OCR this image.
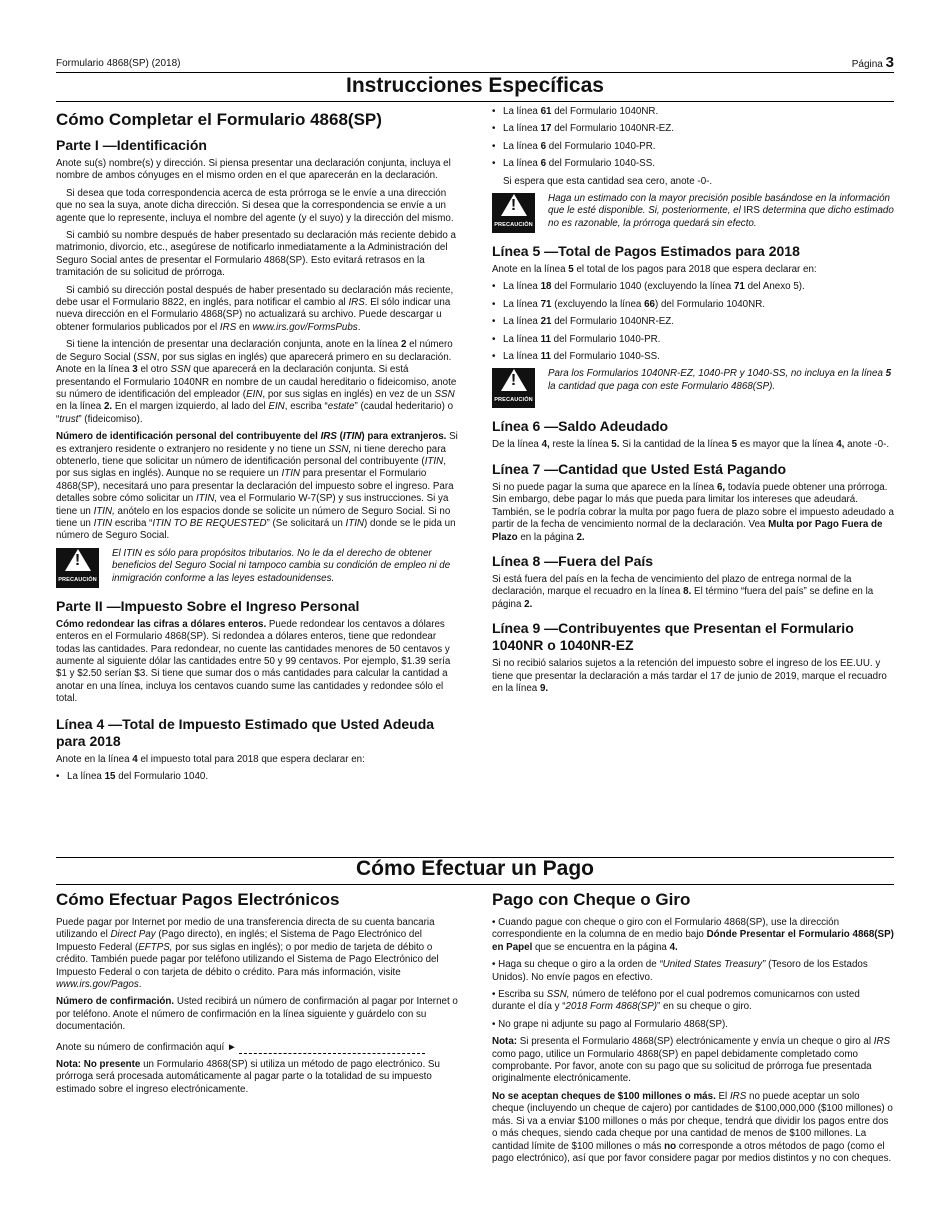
Formulario 4868(SP) (2018)	Página 3
Instrucciones Específicas
Cómo Completar el Formulario 4868(SP)
Parte I —Identificación

Anote su(s) nombre(s) y dirección. Si piensa presentar una declaración conjunta, incluya el nombre de ambos cónyuges en el mismo orden en el que aparecerán en la declaración.

Si desea que toda correspondencia acerca de esta prórroga se le envíe a una dirección que no sea la suya, anote dicha dirección. Si desea que la correspondencia se envíe a un agente que lo represente, incluya el nombre del agente (y el suyo) y la dirección del mismo.

Si cambió su nombre después de haber presentado su declaración más reciente debido a matrimonio, divorcio, etc., asegúrese de notificarlo inmediatamente a la Administración del Seguro Social antes de presentar el Formulario 4868(SP). Esto evitará retrasos en la tramitación de su solicitud de prórroga.

Si cambió su dirección postal después de haber presentado su declaración más reciente, debe usar el Formulario 8822, en inglés, para notificar el cambio al IRS. El sólo indicar una nueva dirección en el Formulario 4868(SP) no actualizará su archivo. Puede descargar u obtener formularios publicados por el IRS en www.irs.gov/FormsPubs.

Si tiene la intención de presentar una declaración conjunta, anote en la línea 2 el número de Seguro Social (SSN, por sus siglas en inglés) que aparecerá primero en su declaración. Anote en la línea 3 el otro SSN que aparecerá en la declaración conjunta. Si está presentando el Formulario 1040NR en nombre de un caudal hereditario o fideicomiso, anote su número de identificación del empleador (EIN, por sus siglas en inglés) en vez de un SSN en la línea 2. En el margen izquierdo, al lado del EIN, escriba “estate” (caudal hederitario) o “trust” (fideicomiso).

Número de identificación personal del contribuyente del IRS (ITIN) para extranjeros. Si es extranjero residente o extranjero no residente y no tiene un SSN, ni tiene derecho para obtenerlo, tiene que solicitar un número de identificación personal del contribuyente (ITIN, por sus siglas en inglés). Aunque no se requiere un ITIN para presentar el Formulario 4868(SP), necesitará uno para presentar la declaración del impuesto sobre el ingreso. Para detalles sobre cómo solicitar un ITIN, vea el Formulario W-7(SP) y sus instrucciones. Si ya tiene un ITIN, anótelo en los espacios donde se solicite un número de Seguro Social. Si no tiene un ITIN escriba “ITIN TO BE REQUESTED” (Se solicitará un ITIN) donde se le pida un número de Seguro Social.

!
PRECAUCIÓN
El ITIN es sólo para propósitos tributarios. No le da el derecho de obtener beneficios del Seguro Social ni tampoco cambia su condición de empleo ni de inmigración conforme a las leyes estadounidenses.
Parte II —Impuesto Sobre el Ingreso Personal

Cómo redondear las cifras a dólares enteros. Puede redondear los centavos a dólares enteros en el Formulario 4868(SP). Si redondea a dólares enteros, tiene que redondear todas las cantidades. Para redondear, no cuente las cantidades menores de 50 centavos y aumente al siguiente dólar las cantidades entre 50 y 99 centavos. Por ejemplo, $1.39 sería $1 y $2.50 serían $3. Si tiene que sumar dos o más cantidades para calcular la cantidad a anotar en una línea, incluya los centavos cuando sume las cantidades y redondee sólo el total.

Línea 4 —Total de Impuesto Estimado que Usted Adeuda para 2018

Anote en la línea 4 el impuesto total para 2018 que espera declarar en:

• La línea 15 del Formulario 1040.
• La línea 61 del Formulario 1040NR.
• La línea 17 del Formulario 1040NR-EZ.
• La línea 6 del Formulario 1040-PR.
• La línea 6 del Formulario 1040-SS.

Si espera que esta cantidad sea cero, anote -0-.

!
PRECAUCIÓN
Haga un estimado con la mayor precisión posible basándose en la información que le esté disponible. Si, posteriormente, el IRS determina que dicho estimado no es razonable, la prórroga quedará sin efecto.
Línea 5 —Total de Pagos Estimados para 2018

Anote en la línea 5 el total de los pagos para 2018 que espera declarar en:

• La línea 18 del Formulario 1040 (excluyendo la línea 71 del Anexo 5).
• La línea 71 (excluyendo la línea 66) del Formulario 1040NR.
• La línea 21 del Formulario 1040NR-EZ.
• La línea 11 del Formulario 1040-PR.
• La línea 11 del Formulario 1040-SS.
!
PRECAUCIÓN
Para los Formularios 1040NR-EZ, 1040-PR y 1040-SS, no incluya en la línea 5 la cantidad que paga con este Formulario 4868(SP).
Línea 6 —Saldo Adeudado

De la línea 4, reste la línea 5. Si la cantidad de la línea 5 es mayor que la línea 4, anote -0-.

Línea 7 —Cantidad que Usted Está Pagando

Si no puede pagar la suma que aparece en la línea 6, todavía puede obtener una prórroga. Sin embargo, debe pagar lo más que pueda para limitar los intereses que adeudará. También, se le podría cobrar la multa por pago fuera de plazo sobre el impuesto adeudado a partir de la fecha de vencimiento normal de la declaración. Vea Multa por Pago Fuera de Plazo en la página 2.

Línea 8 —Fuera del País

Si está fuera del país en la fecha de vencimiento del plazo de entrega normal de la declaración, marque el recuadro en la línea 8. El término “fuera del país” se define en la página 2.

Línea 9 —Contribuyentes que Presentan el Formulario 1040NR o 1040NR-EZ

Si no recibió salarios sujetos a la retención del impuesto sobre el ingreso de los EE.UU. y tiene que presentar la declaración a más tardar el 17 de junio de 2019, marque el recuadro en la línea 9.

Cómo Efectuar un Pago
Cómo Efectuar Pagos Electrónicos

Puede pagar por Internet por medio de una transferencia directa de su cuenta bancaria utilizando el Direct Pay (Pago directo), en inglés; el Sistema de Pago Electrónico del Impuesto Federal (EFTPS, por sus siglas en inglés); o por medio de tarjeta de débito o crédito. También puede pagar por teléfono utilizando el Sistema de Pago Electrónico del Impuesto Federal o con tarjeta de débito o crédito. Para más información, visite www.irs.gov/Pagos.

Número de confirmación. Usted recibirá un número de confirmación al pagar por Internet o por teléfono. Anote el número de confirmación en la línea siguiente y guárdelo con su documentación.

Anote su número de confirmación aquí ►

Nota: No presente un Formulario 4868(SP) si utiliza un método de pago electrónico. Su prórroga será procesada automáticamente al pagar parte o la totalidad de su impuesto estimado sobre el ingreso electrónicamente.

Pago con Cheque o Giro

• Cuando pague con cheque o giro con el Formulario 4868(SP), use la dirección correspondiente en la columna de en medio bajo Dónde Presentar el Formulario 4868(SP) en Papel que se encuentra en la página 4.

• Haga su cheque o giro a la orden de “United States Treasury” (Tesoro de los Estados Unidos). No envíe pagos en efectivo.

• Escriba su SSN, número de teléfono por el cual podremos comunicarnos con usted durante el día y “2018 Form 4868(SP)” en su cheque o giro.

• No grape ni adjunte su pago al Formulario 4868(SP).

Nota: Si presenta el Formulario 4868(SP) electrónicamente y envía un cheque o giro al IRS como pago, utilice un Formulario 4868(SP) en papel debidamente completado como comprobante. Por favor, anote con su pago que su solicitud de prórroga fue presentada originalmente electrónicamente.

No se aceptan cheques de $100 millones o más. El IRS no puede aceptar un solo cheque (incluyendo un cheque de cajero) por cantidades de $100,000,000 ($100 millones) o más. Si va a enviar $100 millones o más por cheque, tendrá que dividir los pagos entre dos o más cheques, siendo cada cheque por una cantidad de menos de $100 millones. La cantidad límite de $100 millones o más no corresponde a otros métodos de pago (como el pago electrónico), así que por favor considere pagar por medios distintos y no con cheques.
